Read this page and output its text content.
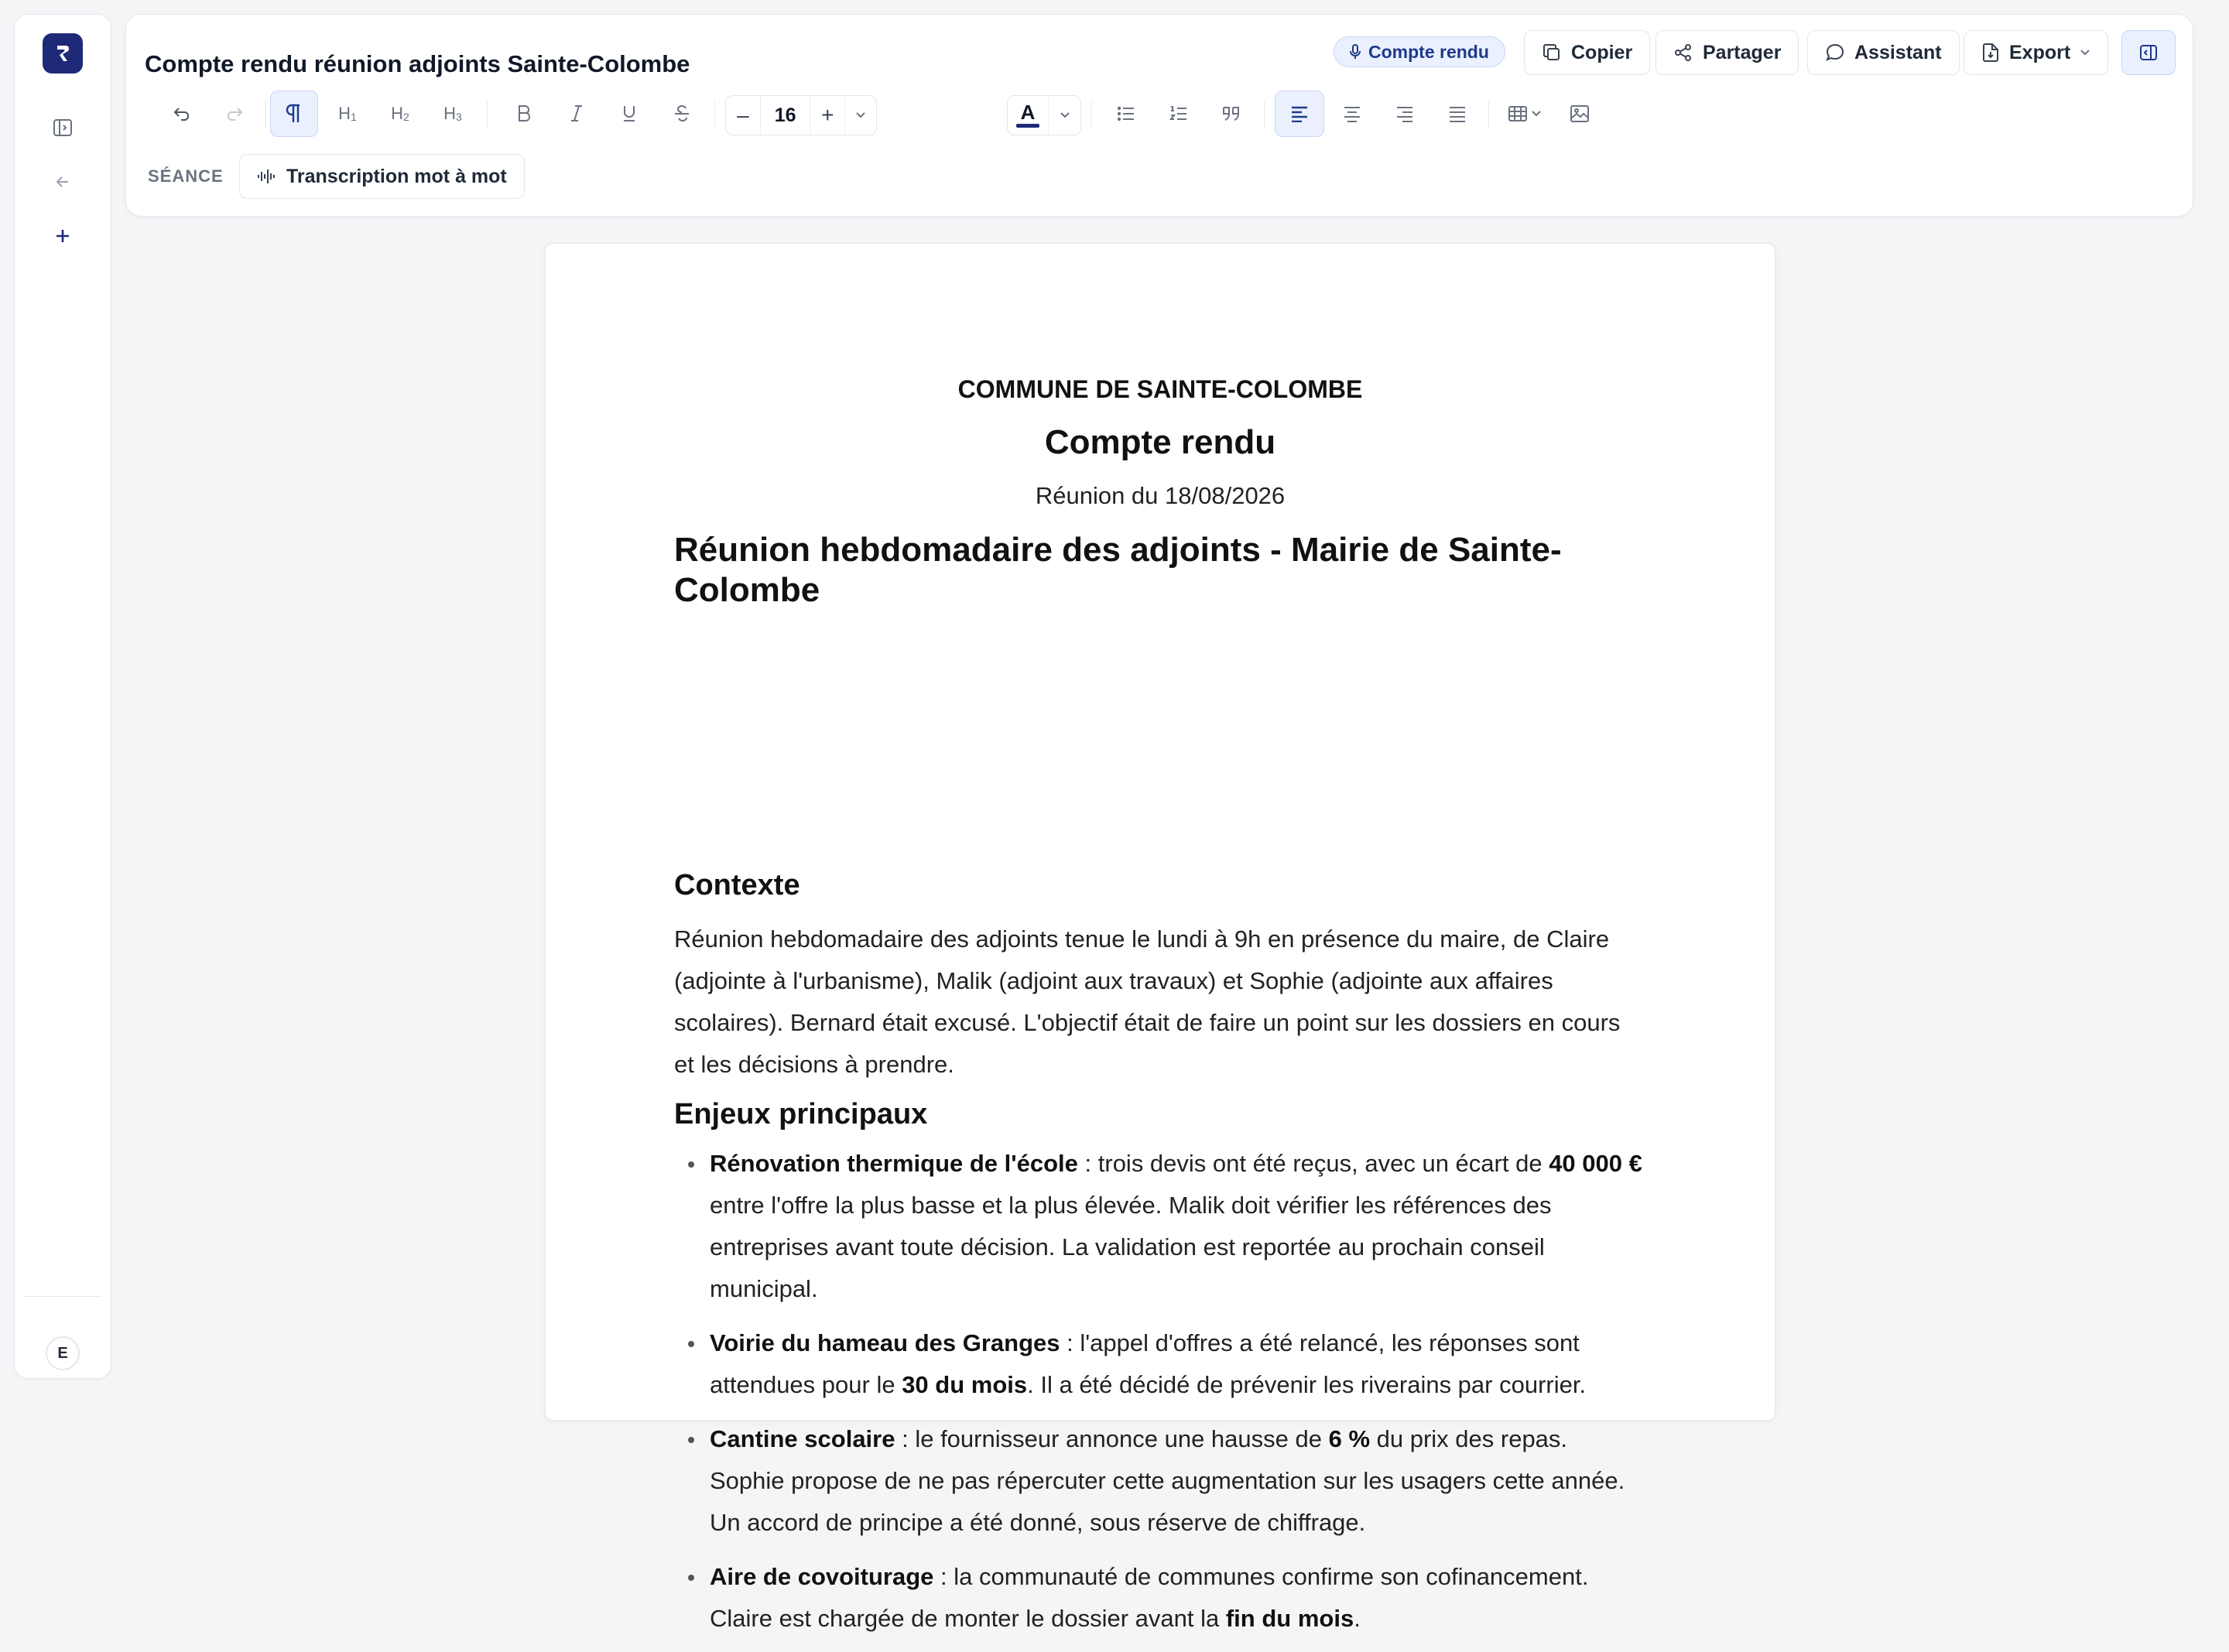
E
Compte rendu réunion adjoints Sainte-Colombe	Compte rendu	Copier	Partager	Assistant	Export
$H_1$ $H_2$ $H_3$	–	16	+	A
SÉANCE	Transcription mot à mot
COMMUNE DE SAINTE-COLOMBE
Compte rendu
Réunion du 18/08/2026
Réunion hebdomadaire des adjoints - Mairie de Sainte-Colombe
Contexte
Réunion hebdomadaire des adjoints tenue le lundi à 9h en présence du maire, de Claire (adjointe à l'urbanisme), Malik (adjoint aux travaux) et Sophie (adjointe aux affaires scolaires). Bernard était excusé. L'objectif était de faire un point sur les dossiers en cours et les décisions à prendre.
Enjeux principaux
Rénovation thermique de l'école : trois devis ont été reçus, avec un écart de 40 000 € entre l'offre la plus basse et la plus élevée. Malik doit vérifier les références des entreprises avant toute décision. La validation est reportée au prochain conseil municipal.
Voirie du hameau des Granges : l'appel d'offres a été relancé, les réponses sont attendues pour le 30 du mois. Il a été décidé de prévenir les riverains par courrier.
Cantine scolaire : le fournisseur annonce une hausse de 6 % du prix des repas. Sophie propose de ne pas répercuter cette augmentation sur les usagers cette année. Un accord de principe a été donné, sous réserve de chiffrage.
Aire de covoiturage : la communauté de communes confirme son cofinancement. Claire est chargée de monter le dossier avant la fin du mois.
